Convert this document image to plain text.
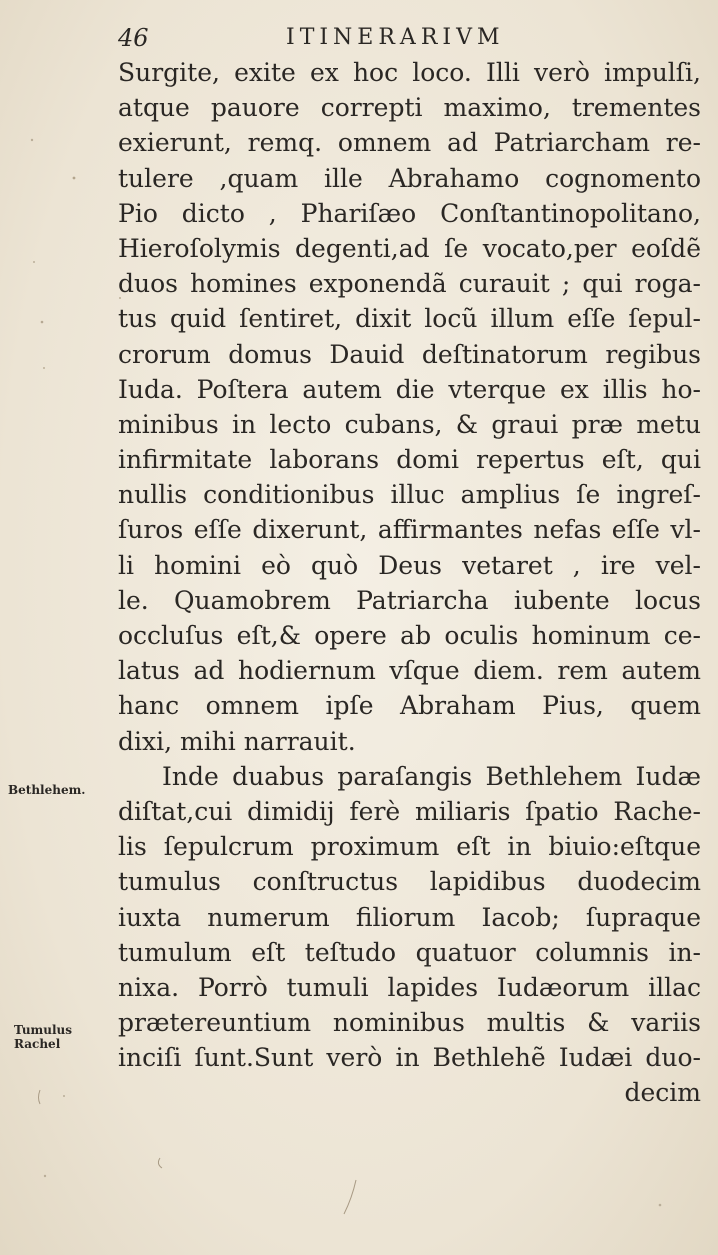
46	ITINERARIVM
Bethlehem.
Tumulus
Rachel
Surgite, exite ex hoc loco. Illi verò impulſi,
atque pauore correpti maximo, trementes
exierunt, remq. omnem ad Patriarcham re-
tulere ,quam ille Abrahamo cognomento
Pio dicto , Phariſæo Conſtantinopolitano,
Hieroſolymis degenti,ad ſe vocato,per eoſdẽ
duos homines exponendã curauit ; qui roga-
tus quid ſentiret, dixit locũ illum eſſe ſepul-
crorum domus Dauid deſtinatorum regibus
Iuda. Poſtera autem die vterque ex illis ho-
minibus in lecto cubans, & graui præ metu
infirmitate laborans domi repertus eſt, qui
nullis conditionibus illuc amplius ſe ingreſ-
ſuros eſſe dixerunt, affirmantes nefas eſſe vl-
li homini eò quò Deus vetaret , ire vel-
le. Quamobrem Patriarcha iubente locus
occluſus eſt,& opere ab oculis hominum ce-
latus ad hodiernum vſque diem. rem autem
hanc omnem ipſe Abraham Pius, quem
dixi, mihi narrauit.
Inde duabus paraſangis Bethlehem Iudæ
diſtat,cui dimidij ferè miliaris ſpatio Rache-
lis ſepulcrum proximum eſt in biuio:eſtque
tumulus conſtructus lapidibus duodecim
iuxta numerum filiorum Iacob; ſupraque
tumulum eſt teſtudo quatuor columnis in-
nixa. Porrò tumuli lapides Iudæorum illac
prætereuntium nominibus multis & variis
inciſi ſunt.Sunt verò in Bethlehẽ Iudæi duo-
decim
